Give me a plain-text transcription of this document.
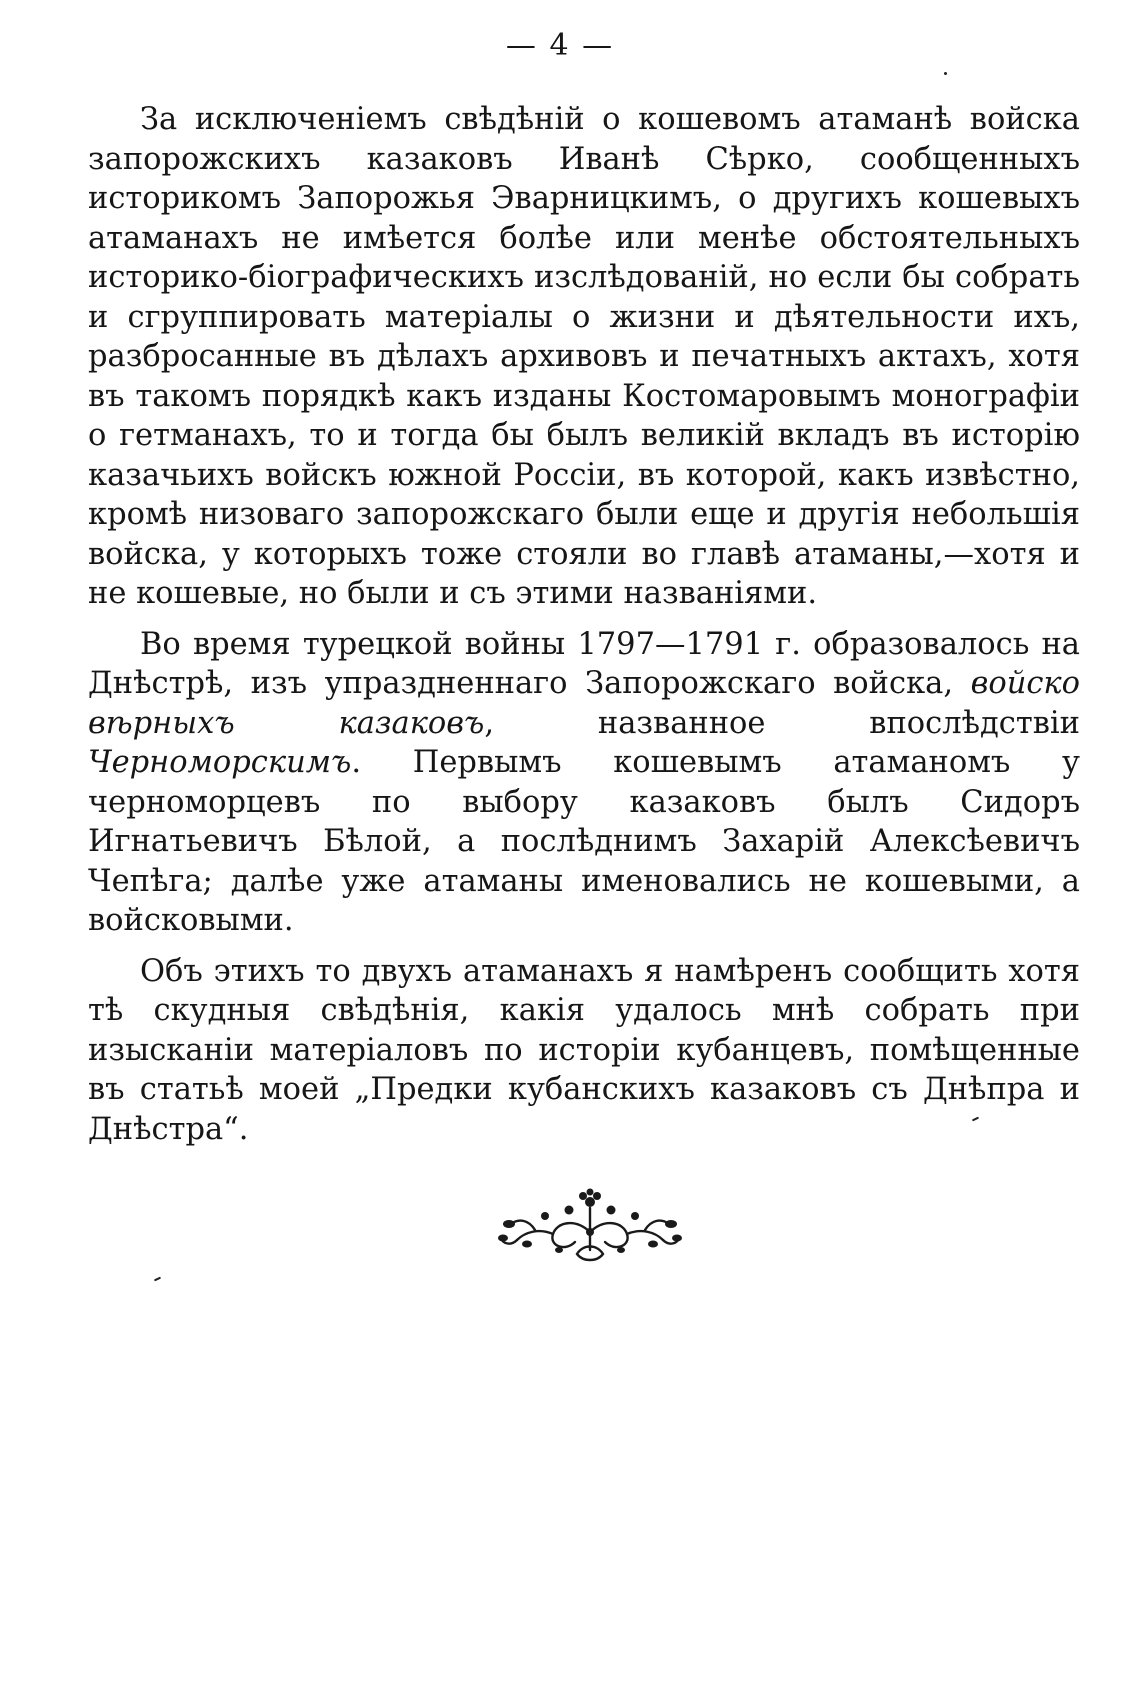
— 4 —

За исключеніемъ свѣдѣній о кошевомъ атаманѣ войска запорожскихъ казаковъ Иванѣ Сѣрко, сообщенныхъ историкомъ Запорожья Эварницкимъ, о другихъ кошевыхъ атаманахъ не имѣется болѣе или менѣе обстоятельныхъ историко-біографическихъ изслѣдованій, но если бы собрать и сгруппировать матеріалы о жизни и дѣятельности ихъ, разбросанные въ дѣлахъ архивовъ и печатныхъ актахъ, хотя въ такомъ порядкѣ какъ изданы Костомаровымъ монографіи о гетманахъ, то и тогда бы былъ великій вкладъ въ исторію казачьихъ войскъ южной Россіи, въ которой, какъ извѣстно, кромѣ низоваго запорожскаго были еще и другія небольшія войска, у которыхъ тоже стояли во главѣ атаманы,—хотя и не кошевые, но были и съ этими названіями.

Во время турецкой войны 1797—1791 г. образовалось на Днѣстрѣ, изъ упраздненнаго Запорожскаго войска, войско вѣрныхъ казаковъ, названное впослѣдствіи Черноморскимъ. Первымъ кошевымъ атаманомъ у черноморцевъ по выбору казаковъ былъ Сидоръ Игнатьевичъ Бѣлой, а послѣднимъ Захарій Алексѣевичъ Чепѣга; далѣе уже атаманы именовались не кошевыми, а войсковыми.

Объ этихъ то двухъ атаманахъ я намѣренъ сообщить хотя тѣ скудныя свѣдѣнія, какія удалось мнѣ собрать при изысканіи матеріаловъ по исторіи кубанцевъ, помѣщенные въ статьѣ моей „Предки кубанскихъ казаковъ съ Днѣпра и Днѣстра“.
